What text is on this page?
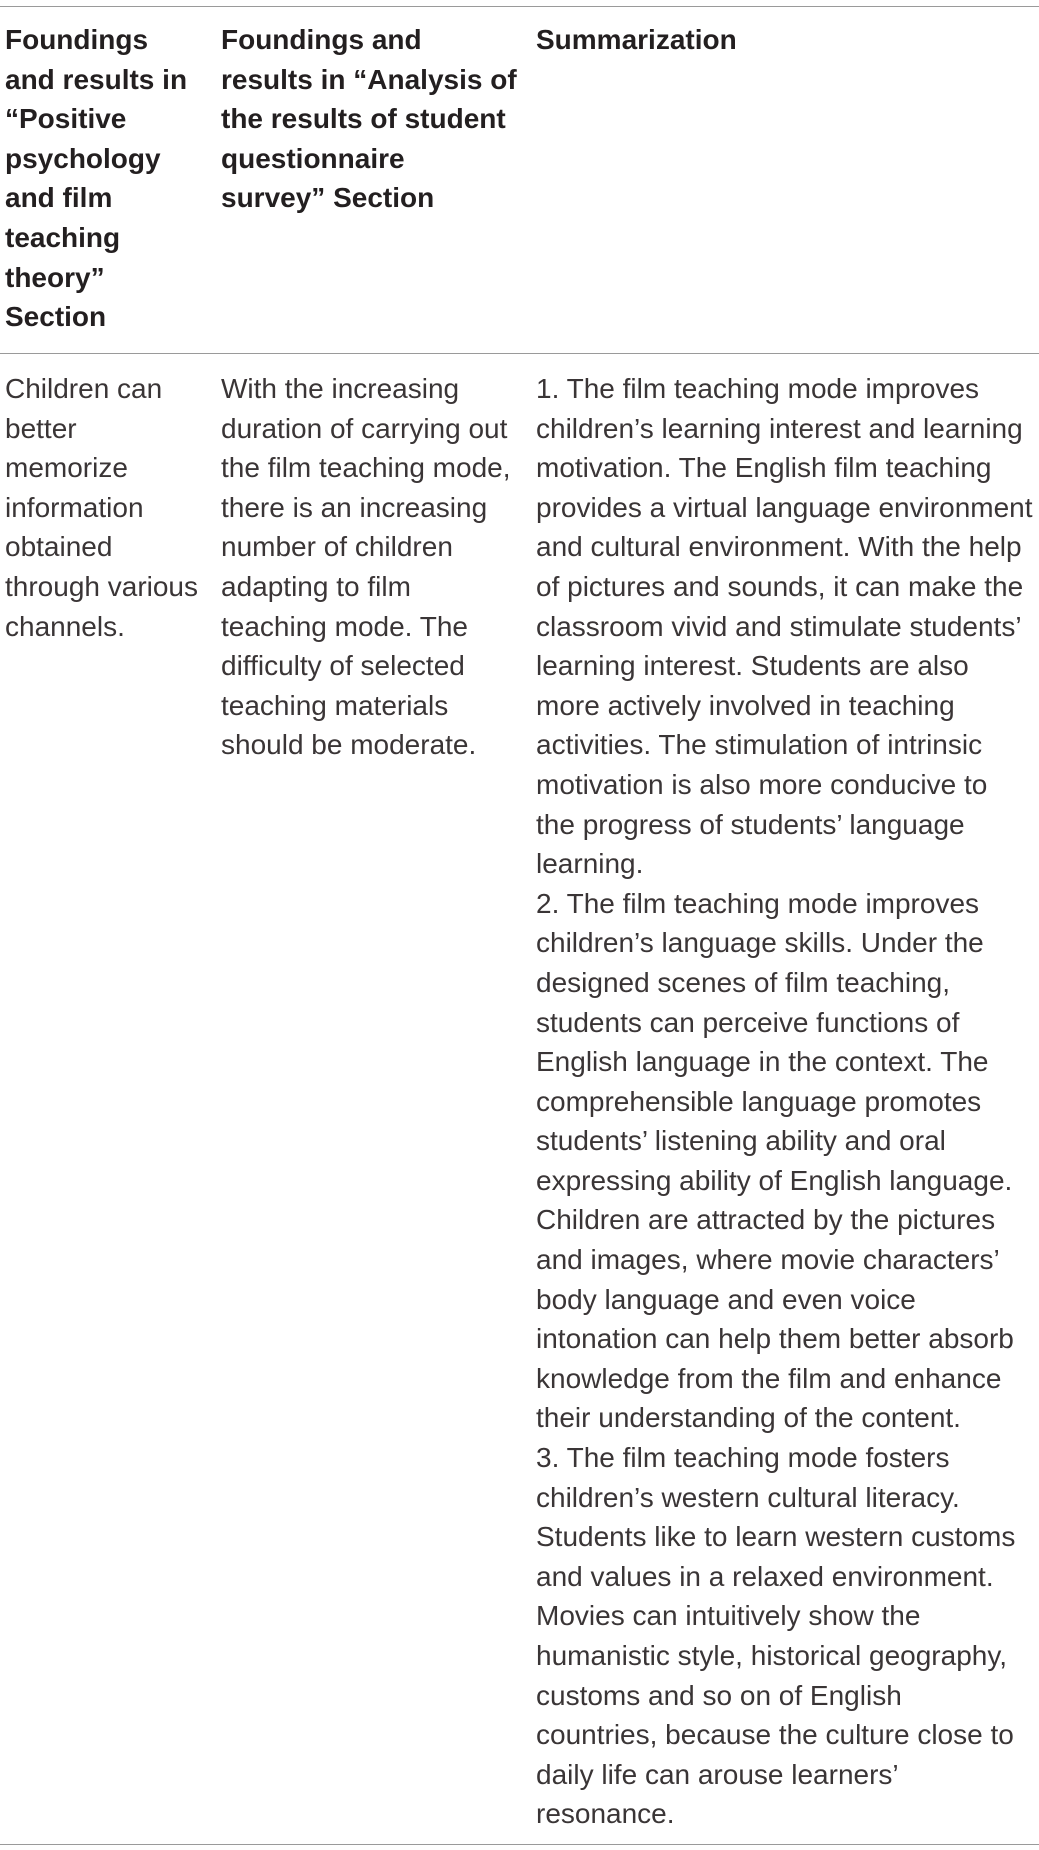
Foundings
and results in
“Positive
psychology
and film
teaching
theory”
Section
Foundings and
results in “Analysis of
the results of student
questionnaire
survey” Section
Summarization
Children can
better
memorize
information
obtained
through various
channels.
With the increasing
duration of carrying out
the film teaching mode,
there is an increasing
number of children
adapting to film
teaching mode. The
difficulty of selected
teaching materials
should be moderate.
1. The film teaching mode improves
children’s learning interest and learning
motivation. The English film teaching
provides a virtual language environment
and cultural environment. With the help
of pictures and sounds, it can make the
classroom vivid and stimulate students’
learning interest. Students are also
more actively involved in teaching
activities. The stimulation of intrinsic
motivation is also more conducive to
the progress of students’ language
learning.
2. The film teaching mode improves
children’s language skills. Under the
designed scenes of film teaching,
students can perceive functions of
English language in the context. The
comprehensible language promotes
students’ listening ability and oral
expressing ability of English language.
Children are attracted by the pictures
and images, where movie characters’
body language and even voice
intonation can help them better absorb
knowledge from the film and enhance
their understanding of the content.
3. The film teaching mode fosters
children’s western cultural literacy.
Students like to learn western customs
and values in a relaxed environment.
Movies can intuitively show the
humanistic style, historical geography,
customs and so on of English
countries, because the culture close to
daily life can arouse learners’
resonance.
